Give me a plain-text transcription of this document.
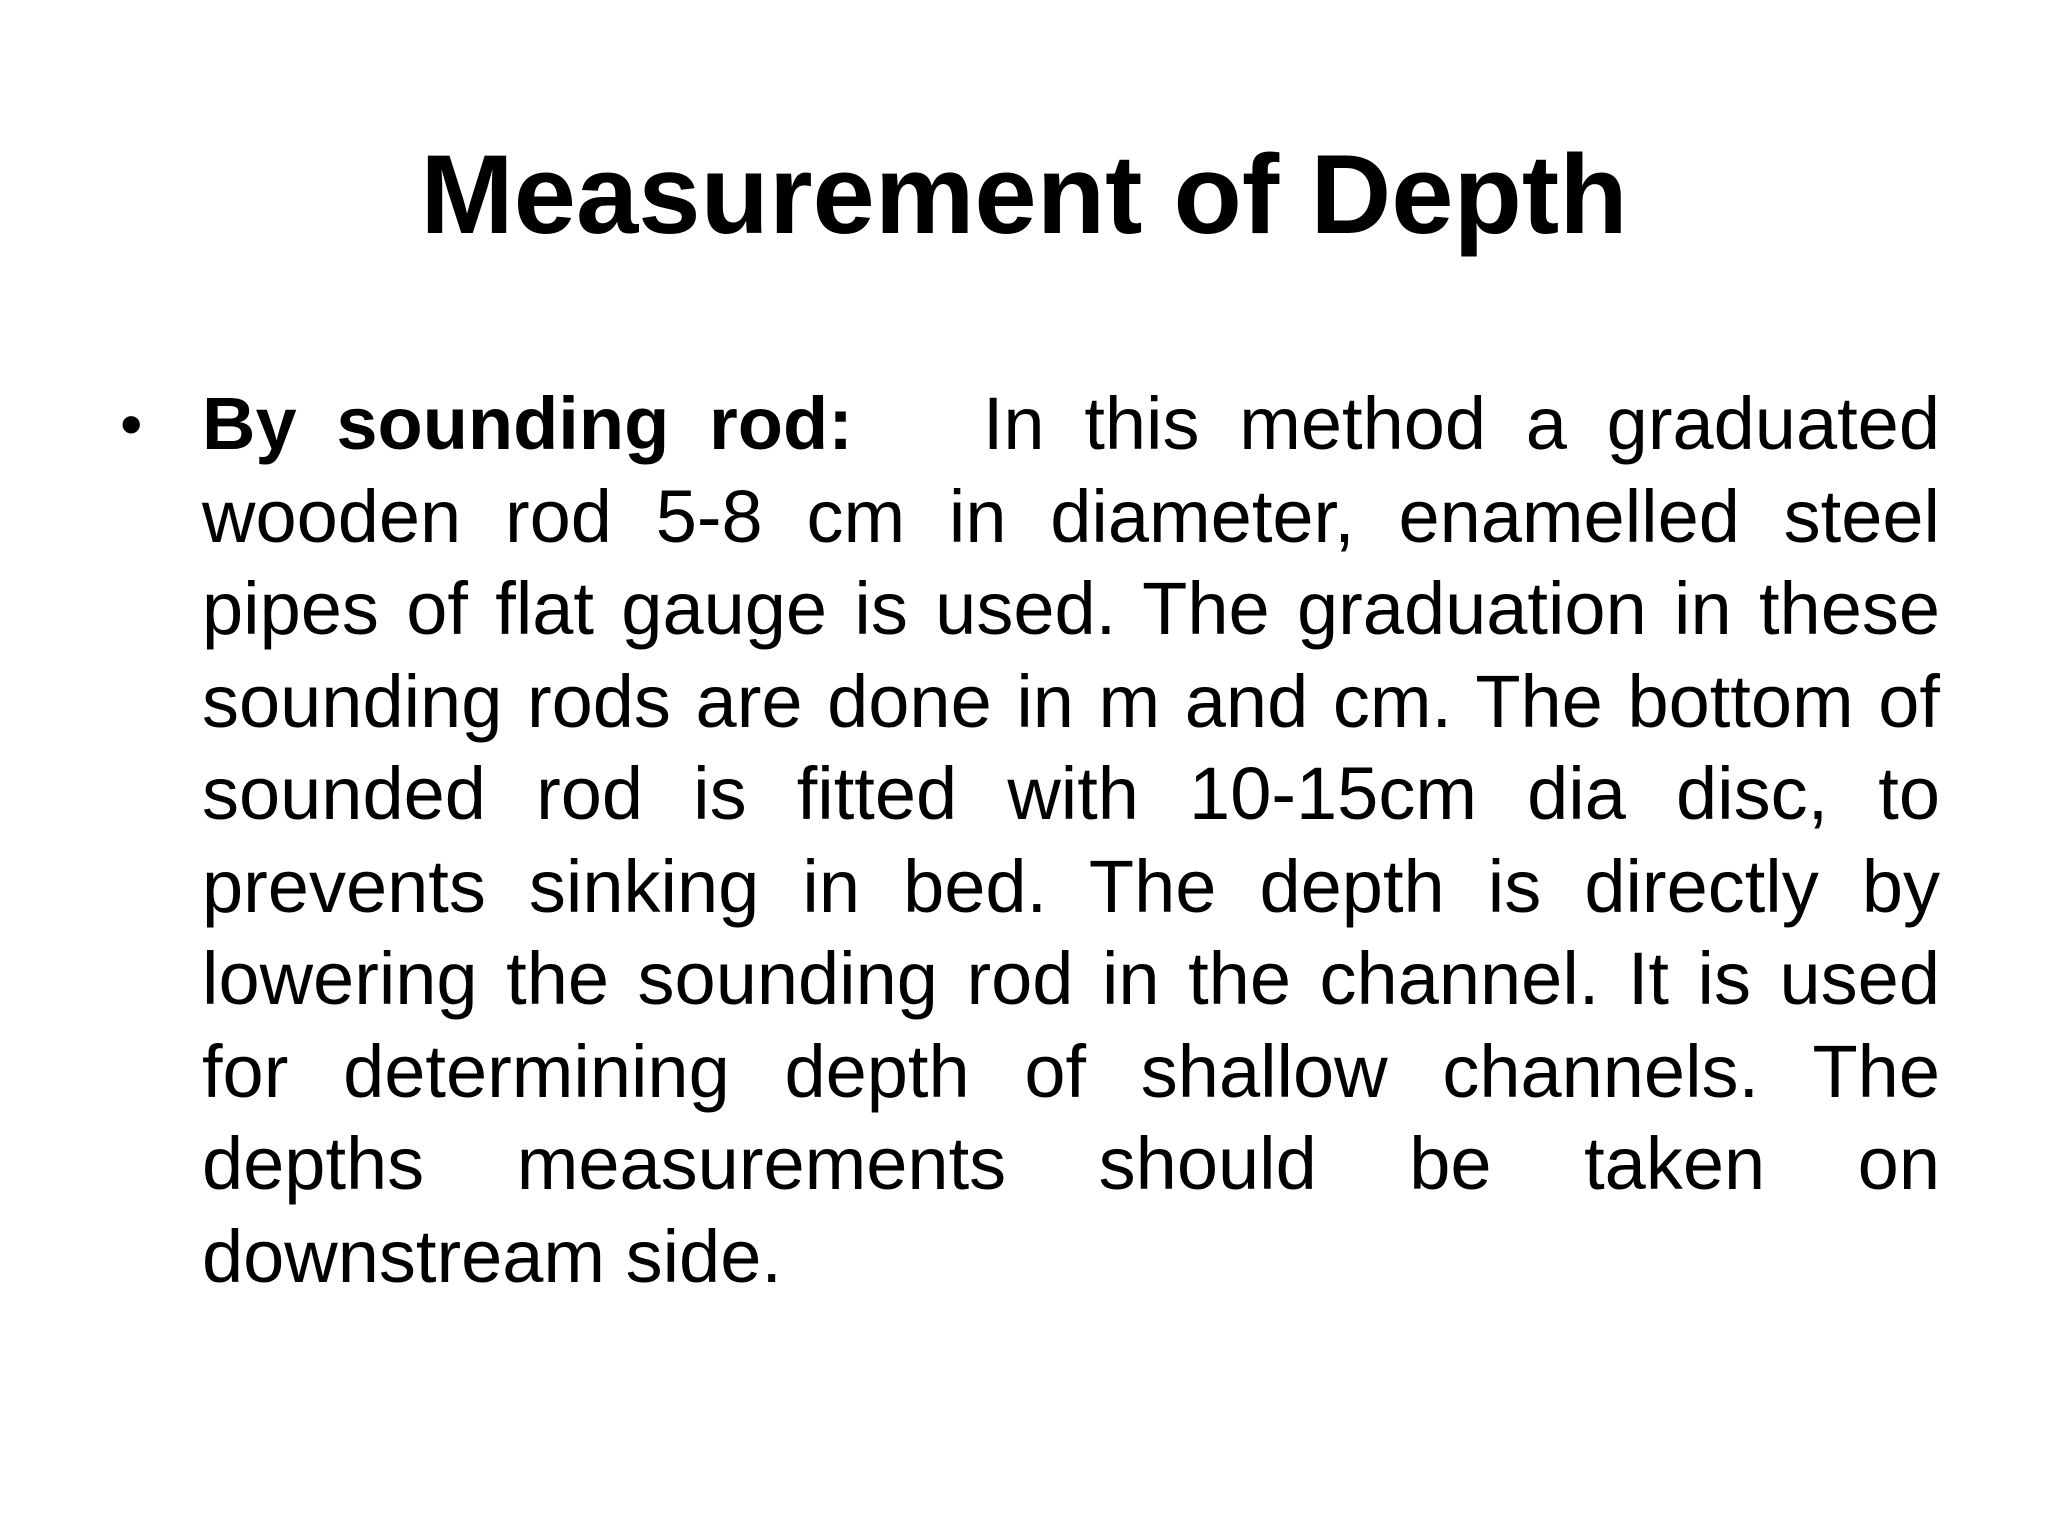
Measurement of Depth
• By sounding rod: In this method a graduated wooden rod 5-8 cm in diameter, enamelled steel pipes of flat gauge is used. The graduation in these sounding rods are done in m and cm. The bottom of sounded rod is fitted with 10-15cm dia disc, to prevents sinking in bed. The depth is directly by lowering the sounding rod in the channel. It is used for determining depth of shallow channels. The depths measurements should be taken on downstream side.
